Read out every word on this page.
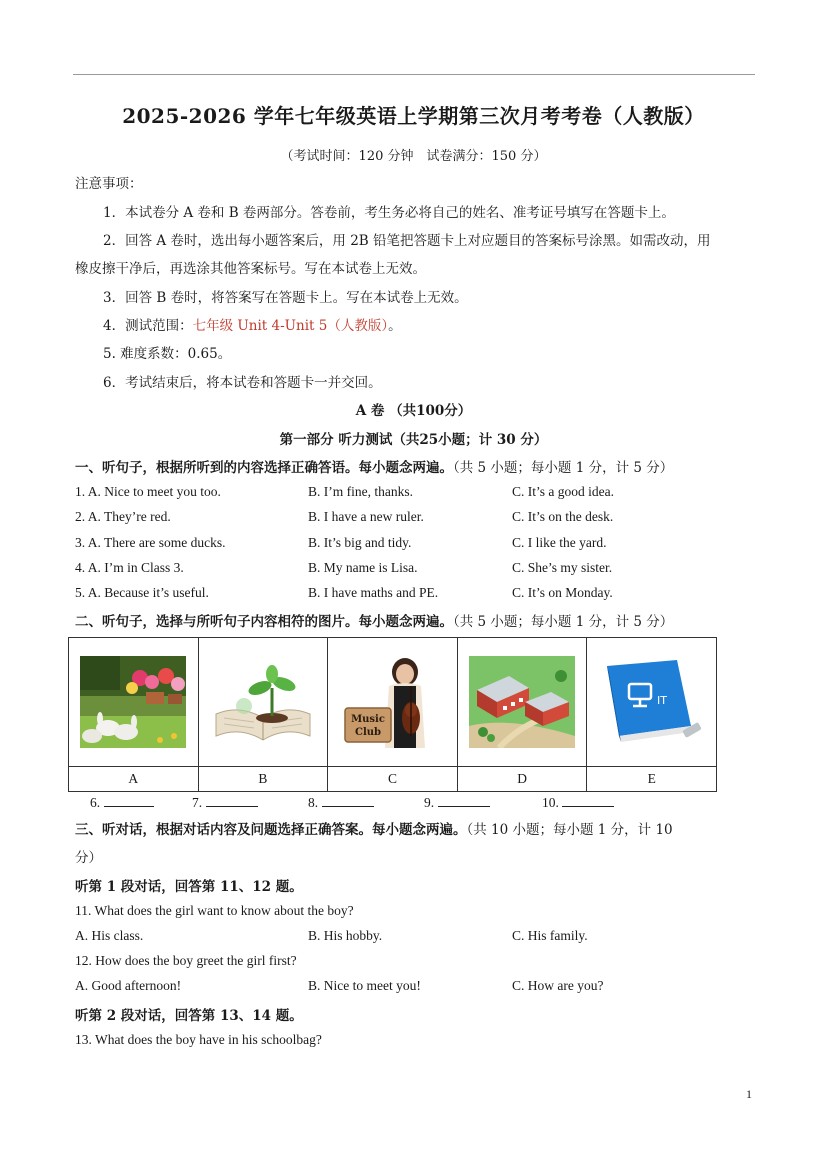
2025-2026 学年七年级英语上学期第三次月考考卷（人教版）
（考试时间：120 分钟　试卷满分：150 分）
注意事项：
1．本试卷分 A 卷和 B 卷两部分。答卷前，考生务必将自己的姓名、准考证号填写在答题卡上。
2．回答 A 卷时，选出每小题答案后，用 2B 铅笔把答题卡上对应题目的答案标号涂黑。如需改动，用
橡皮擦干净后，再选涂其他答案标号。写在本试卷上无效。
3．回答 B 卷时，将答案写在答题卡上。写在本试卷上无效。
4．测试范围：七年级 Unit 4-Unit 5（人教版）。
5. 难度系数：0.65。
6．考试结束后，将本试卷和答题卡一并交回。
A 卷 （共100分）
第一部分 听力测试（共25小题；计 30 分）
一、听句子，根据所听到的内容选择正确答语。每小题念两遍。（共 5 小题；每小题 1 分，计 5 分）
1. A. Nice to meet you too.	B. I’m fine, thanks.	C. It’s a good idea.
2. A. They’re red.	B. I have a new ruler.	C. It’s on the desk.
3. A. There are some ducks.	B. It’s big and tidy.	C. I like the yard.
4. A. I’m in Class 3.	B. My name is Lisa.	C. She’s my sister.
5. A. Because it’s useful.	B. I have maths and PE.	C. It’s on Monday.
二、听句子，选择与所听句子内容相符的图片。每小题念两遍。（共 5 小题；每小题 1 分，计 5 分）

Music
Club		IT

A	B	C	D	E
6.	7.	8.	9.	10.
三、听对话，根据对话内容及问题选择正确答案。每小题念两遍。（共 10 小题；每小题 1 分，计 10
分）
听第 1 段对话，回答第 11、12 题。
11. What does the girl want to know about the boy?
A. His class.	B. His hobby.	C. His family.
12. How does the boy greet the girl first?
A. Good afternoon!	B. Nice to meet you!	C. How are you?
听第 2 段对话，回答第 13、14 题。
13. What does the boy have in his schoolbag?
1
